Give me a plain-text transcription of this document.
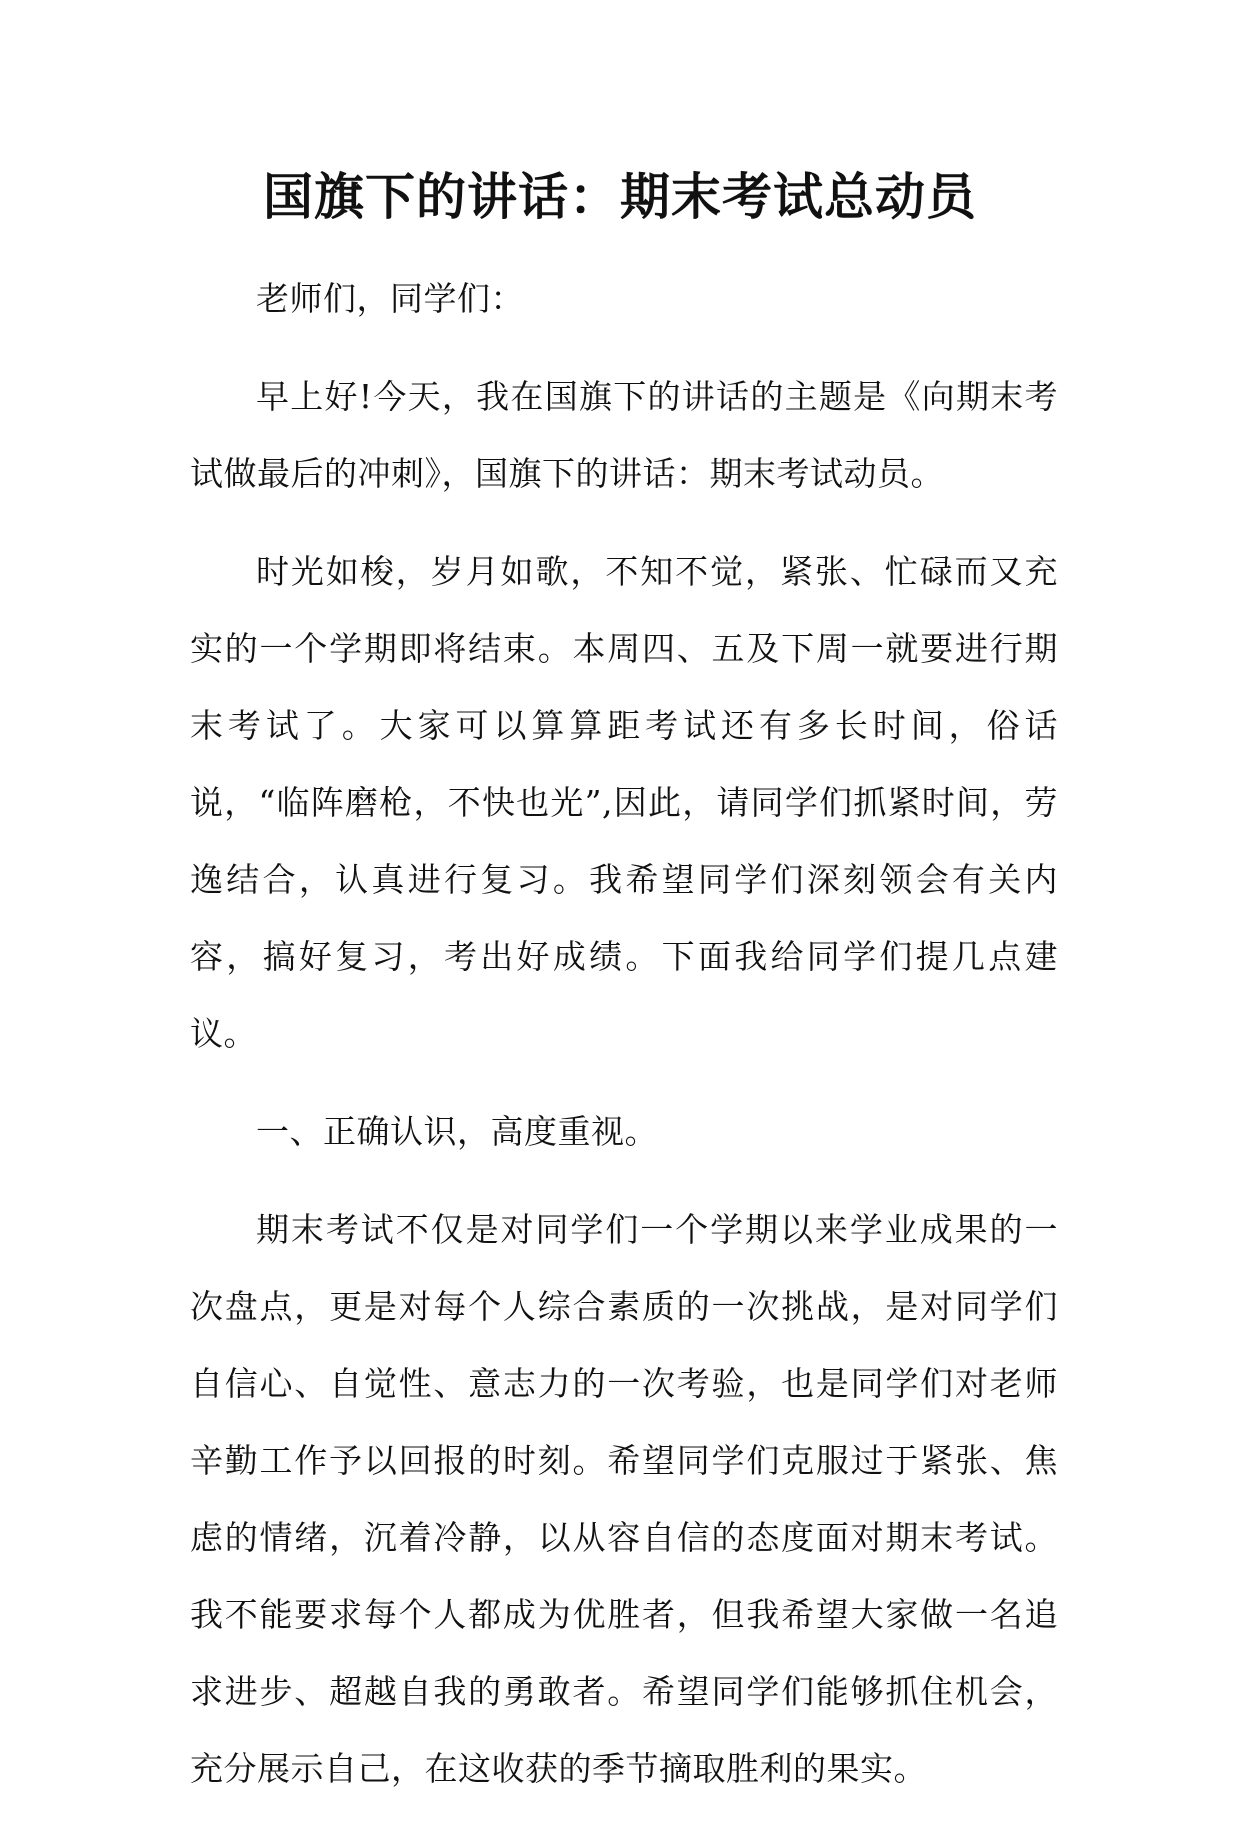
国旗下的讲话：期末考试总动员

老师们，同学们：

早上好!今天，我在国旗下的讲话的主题是《向期末考试做最后的冲刺》，国旗下的讲话：期末考试动员。

时光如梭，岁月如歌，不知不觉，紧张、忙碌而又充实的一个学期即将结束。本周四、五及下周一就要进行期末考试了。大家可以算算距考试还有多长时间，俗话说，“临阵磨枪，不快也光”,因此，请同学们抓紧时间，劳逸结合，认真进行复习。我希望同学们深刻领会有关内容，搞好复习，考出好成绩。下面我给同学们提几点建议。

一、正确认识，高度重视。

期末考试不仅是对同学们一个学期以来学业成果的一次盘点，更是对每个人综合素质的一次挑战，是对同学们自信心、自觉性、意志力的一次考验，也是同学们对老师辛勤工作予以回报的时刻。希望同学们克服过于紧张、焦虑的情绪，沉着冷静，以从容自信的态度面对期末考试。我不能要求每个人都成为优胜者，但我希望大家做一名追求进步、超越自我的勇敢者。希望同学们能够抓住机会，充分展示自己，在这收获的季节摘取胜利的果实。
